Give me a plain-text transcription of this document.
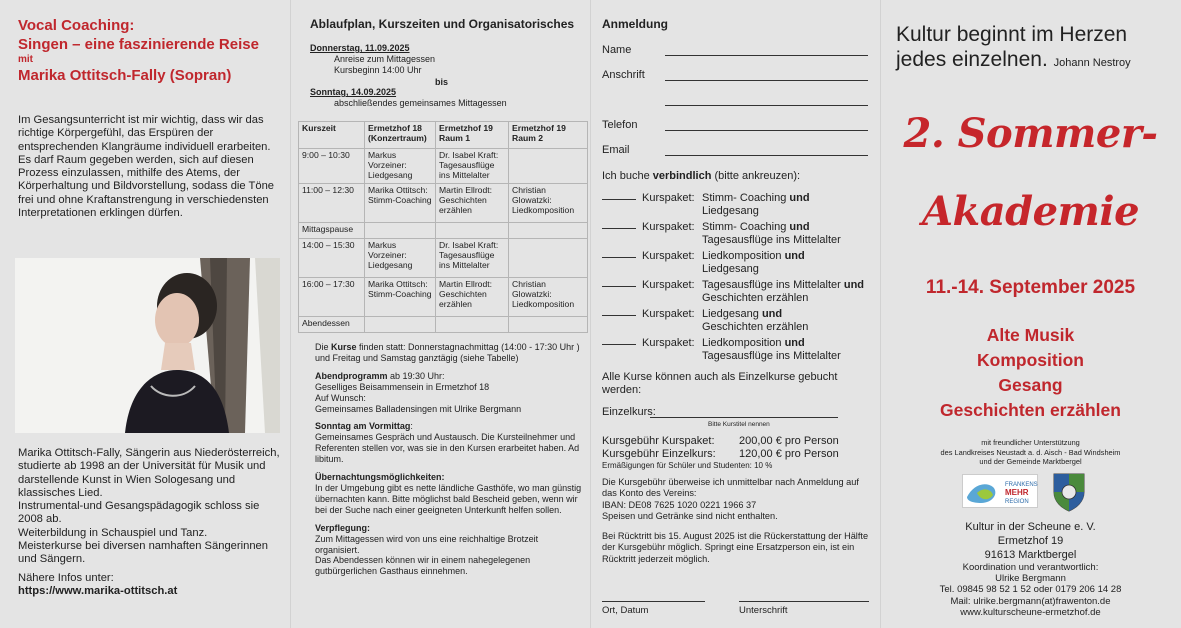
Vocal Coaching:
Singen – eine faszinierende Reise
mit
Marika Ottitsch-Fally (Sopran)
Im Gesangsunterricht ist mir wichtig, dass wir das richtige Körpergefühl, das Erspüren der entsprechenden Klangräume individuell erarbeiten.
Es darf Raum gegeben werden, sich auf diesen Prozess einzulassen, mithilfe des Atems, der Körperhaltung und Bildvorstellung, sodass die Töne frei und ohne Kraftanstrengung in verschiedensten Interpretationen erklingen dürfen.
Marika Ottitsch-Fally, Sängerin aus Niederösterreich, studierte ab 1998 an der Universität für Musik und darstellende Kunst in Wien Sologesang und klassisches Lied.
Instrumental-und Gesangspädagogik schloss sie 2008 ab.
Weiterbildung in Schauspiel und Tanz.
Meisterkurse bei diversen namhaften Sängerinnen und Sängern.
Nähere Infos unter:
https://www.marika-ottitsch.at
Ablaufplan, Kurszeiten und Organisatorisches
Donnerstag, 11.09.2025
Anreise zum Mittagessen
Kursbeginn 14:00 Uhr
bis
Sonntag, 14.09.2025
abschließendes gemeinsames Mittagessen
Kurszeit	Ermetzhof 18 (Konzertraum)	Ermetzhof 19 Raum 1	Ermetzhof 19 Raum 2
9:00 – 10:30	Markus Vorzeiner: Liedgesang	Dr. Isabel Kraft: Tagesausflüge ins Mittelalter	
11:00 – 12:30	Marika Ottitsch: Stimm-Coaching	Martin Ellrodt: Geschichten erzählen	Christian Glowatzki: Liedkomposition
Mittagspause			
14:00 – 15:30	Markus Vorzeiner: Liedgesang	Dr. Isabel Kraft: Tagesausflüge ins Mittelalter	
16:00 – 17:30	Marika Ottitsch: Stimm-Coaching	Martin Ellrodt: Geschichten erzählen	Christian Glowatzki: Liedkomposition
Abendessen			

Die Kurse finden statt: Donnerstagnachmittag (14:00 - 17:30 Uhr ) und Freitag und Samstag ganztägig (siehe Tabelle)

Abendprogramm ab 19:30 Uhr:
Geselliges Beisammensein in Ermetzhof 18
Auf Wunsch:
Gemeinsames Balladensingen mit Ulrike Bergmann

Sonntag am Vormittag:
Gemeinsames Gespräch und Austausch. Die Kursteilnehmer und Referenten stellen vor, was sie in den Kursen erarbeitet haben. Ad libitum.

Übernachtungsmöglichkeiten:
In der Umgebung gibt es nette ländliche Gasthöfe, wo man günstig übernachten kann. Bitte möglichst bald Bescheid geben, wenn wir bei der Suche nach einer geeigneten Unterkunft helfen sollen.

Verpflegung:
Zum Mittagessen wird von uns eine reichhaltige Brotzeit organisiert.
Das Abendessen können wir in einem nahegelegenen gutbürgerlichen Gasthaus einnehmen.

Anmeldung
Name
Anschrift
Telefon
Email
Ich buche verbindlich (bitte ankreuzen):
Kurspaket: Stimm- Coaching und
Liedgesang
Kurspaket: Stimm- Coaching und
Tagesausflüge ins Mittelalter
Kurspaket: Liedkomposition und
Liedgesang
Kurspaket: Tagesausflüge ins Mittelalter und
Geschichten erzählen
Kurspaket: Liedgesang und
Geschichten erzählen
Kurspaket: Liedkomposition und
Tagesausflüge ins Mittelalter
Alle Kurse können auch als Einzelkurse gebucht werden:
Einzelkurs:
Bitte Kurstitel nennen
Kursgebühr Kurspaket: 200,00 € pro Person
Kursgebühr Einzelkurs: 120,00 € pro Person
Ermäßigungen für Schüler und Studenten: 10 %
Die Kursgebühr überweise ich unmittelbar nach Anmeldung auf das Konto des Vereins:
IBAN: DE08 7625 1020 0221 1966 37
Speisen und Getränke sind nicht enthalten.
Bei Rücktritt bis 15. August 2025 ist die Rückerstattung der Hälfte der Kursgebühr möglich. Springt eine Ersatzperson ein, ist ein Rücktritt jederzeit möglich.
Ort, Datum	Unterschrift
Kultur beginnt im Herzen
jedes einzelnen. Johann Nestroy
2. Sommer-
Akademie
11.-14. September 2025
Alte Musik
Komposition
Gesang
Geschichten erzählen
mit freundlicher Unterstützung
des Landkreises Neustadt a. d. Aisch - Bad Windsheim
und der Gemeinde Marktbergel
FRANKENS
MEHR
REGION
Kultur in der Scheune e. V.
Ermetzhof 19
91613 Marktbergel
Koordination und verantwortlich:
Ulrike Bergmann
Tel. 09845 98 52 1 52 oder 0179 206 14 28
Mail: ulrike.bergmann(at)frawenton.de
www.kulturscheune-ermetzhof.de
